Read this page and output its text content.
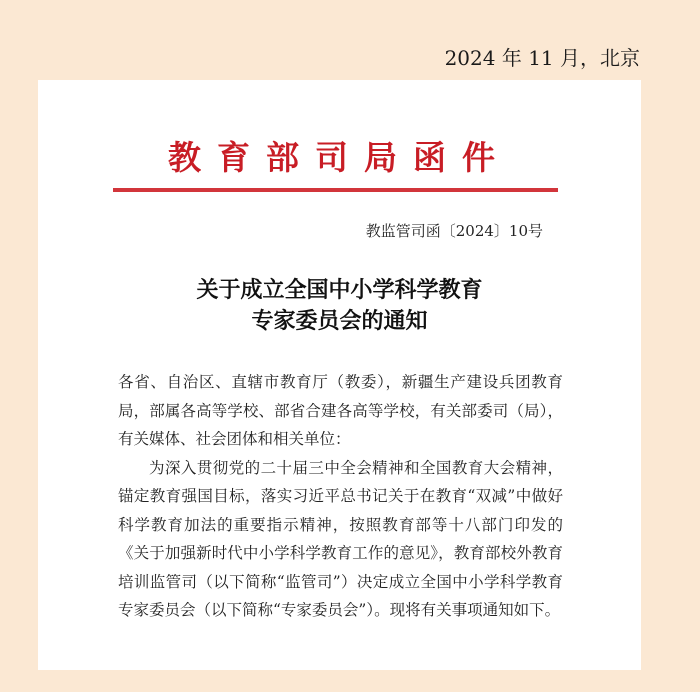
2024 年 11 月，北京
教育部司局函件
教监管司函〔2024〕10号
关于成立全国中小学科学教育
专家委员会的通知

各省、自治区、直辖市教育厅（教委），新疆生产建设兵团教育局，部属各高等学校、部省合建各高等学校，有关部委司（局），有关媒体、社会团体和相关单位：

为深入贯彻党的二十届三中全会精神和全国教育大会精神，锚定教育强国目标，落实习近平总书记关于在教育“双减”中做好科学教育加法的重要指示精神，按照教育部等十八部门印发的《关于加强新时代中小学科学教育工作的意见》，教育部校外教育培训监管司（以下简称“监管司”）决定成立全国中小学科学教育专家委员会（以下简称“专家委员会”）。现将有关事项通知如下。
